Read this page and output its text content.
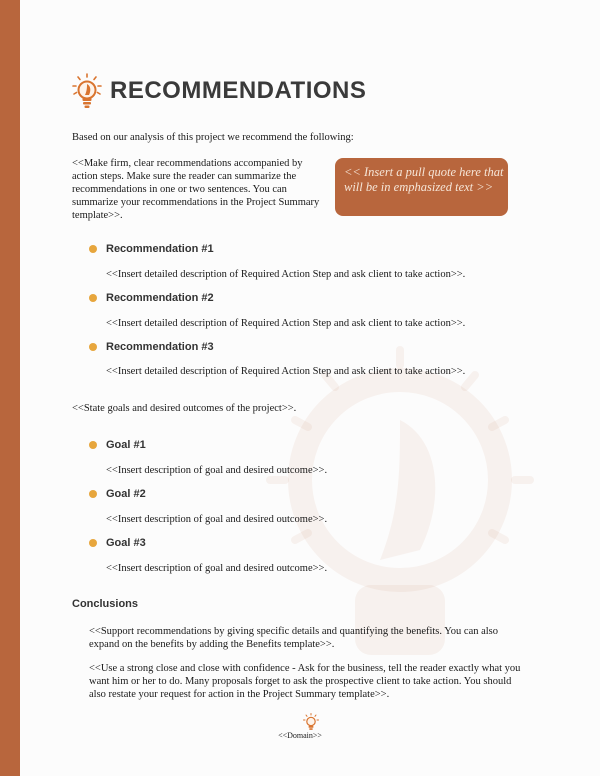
RECOMMENDATIONS
Based on our analysis of this project we recommend the following:

<<Make firm, clear recommendations accompanied by action steps. Make sure the reader can summarize the recommendations in one or two sentences. You can summarize your recommendations in the Project Summary template>>.

<< Insert a pull quote here that will be in emphasized text >>
Recommendation #1
<<Insert detailed description of Required Action Step and ask client to take action>>.
Recommendation #2
<<Insert detailed description of Required Action Step and ask client to take action>>.
Recommendation #3
<<Insert detailed description of Required Action Step and ask client to take action>>.
<<State goals and desired outcomes of the project>>.
Goal #1
<<Insert description of goal and desired outcome>>.
Goal #2
<<Insert description of goal and desired outcome>>.
Goal #3
<<Insert description of goal and desired outcome>>.
Conclusions

<<Support recommendations by giving specific details and quantifying the benefits. You can also expand on the benefits by adding the Benefits template>>.

<<Use a strong close and close with confidence - Ask for the business, tell the reader exactly what you want him or her to do. Many proposals forget to ask the prospective client to take action. You should also restate your request for action in the Project Summary template>>.

<<Domain>>
